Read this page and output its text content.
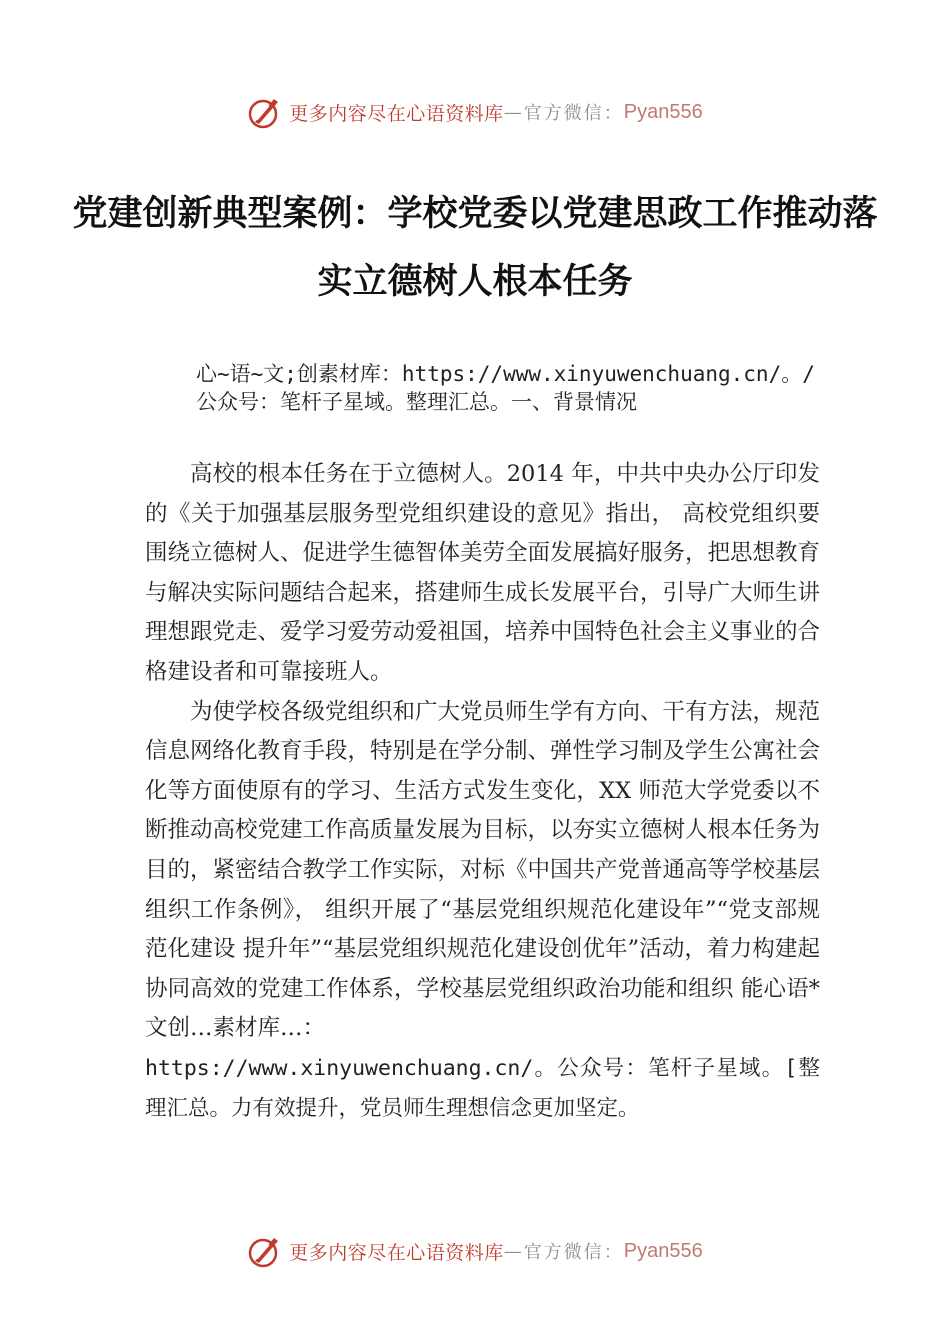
更多内容尽在心语资料库 — 官方微信： Pyan556
党建创新典型案例：学校党委以党建思政工作推动落实立德树人根本任务
心~语~文;创素材库：https://www.xinyuwenchuang.cn/。/公众号：笔杆子星域。整理汇总。一、背景情况

高校的根本任务在于立德树人。2014 年，中共中央办公厅印发的《关于加强基层服务型党组织建设的意见》指出， 高校党组织要围绕立德树人、促进学生德智体美劳全面发展搞好服务，把思想教育与解决实际问题结合起来，搭建师生成长发展平台，引导广大师生讲理想跟党走、爱学习爱劳动爱祖国，培养中国特色社会主义事业的合格建设者和可靠接班人。

为使学校各级党组织和广大党员师生学有方向、干有方法，规范信息网络化教育手段，特别是在学分制、弹性学习制及学生公寓社会化等方面使原有的学习、生活方式发生变化，XX 师范大学党委以不断推动高校党建工作高质量发展为目标，以夯实立德树人根本任务为目的，紧密结合教学工作实际，对标《中国共产党普通高等学校基层组织工作条例》， 组织开展了“基层党组织规范化建设年”“党支部规范化建设 提升年”“基层党组织规范化建设创优年”活动，着力构建起 协同高效的党建工作体系，学校基层党组织政治功能和组织 能心语*文创…素材库…：

https://www.xinyuwenchuang.cn/。公众号：笔杆子星域。[整理汇总。力有效提升，党员师生理想信念更加坚定。
更多内容尽在心语资料库 — 官方微信： Pyan556
